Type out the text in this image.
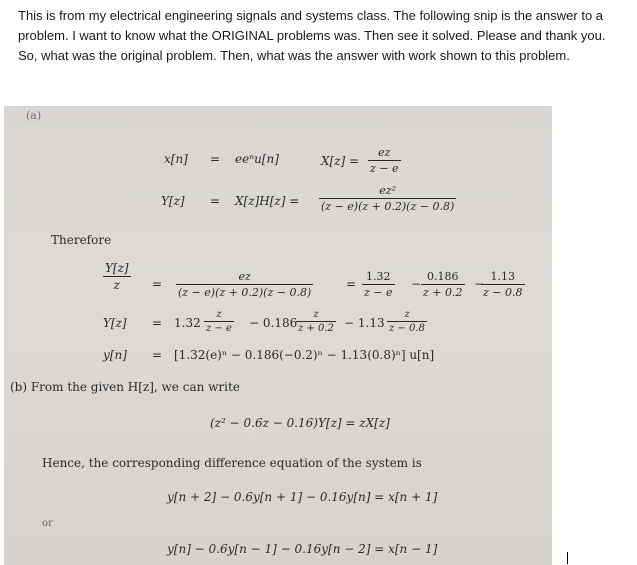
This is from my electrical engineering signals and systems class. The following snip is the answer to a problem. I want to know what the ORIGINAL problems was. Then see it solved. Please and thank you. So, what was the original problem. Then, what was the answer with work shown to this problem.
(a)
x[n] = eeⁿu[n]	$X[z] = \frac{ez}{z - e}$
$Y[z] = X[z]H[z] = \frac{\text{ez²}}{(z - e)(z + 0.2)(z - 0.8)}$
Therefore
$\frac{Y[z]}{z} = \frac{ez}{(z - e)(z + 0.2)(z - 0.8)}$	= $\frac{1.32}{z - e} - \frac{0.186}{z + 0.2}$ −
$\frac{1.13}{z - 0.8}$
$Y[z] = 1.32 \frac{z}{z - e} - 0.186$
$\frac{z}{z + 0.2} - 1.13 \frac{z}{z - 0.8}$
y[n] = [1.32(e)ⁿ − 0.186(−0.2)ⁿ − 1.13(0.8)ⁿ] u[n]
(b) From the given H[z], we can write
(z² − 0.6z − 0.16)Y[z] = zX[z]
Hence, the corresponding difference equation of the system is
y[n + 2] − 0.6y[n + 1] − 0.16y[n] = x[n + 1]
or
y[n] − 0.6y[n − 1] − 0.16y[n − 2] = x[n − 1]
